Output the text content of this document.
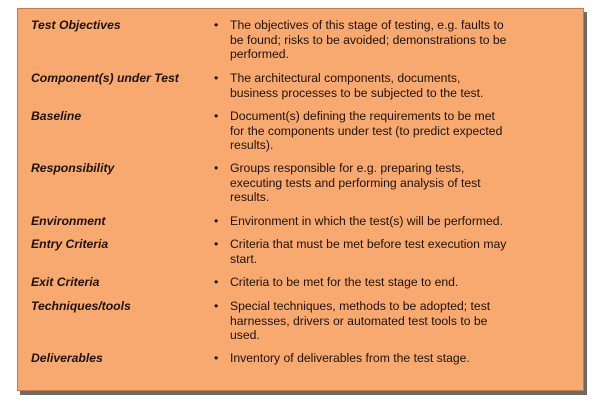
Test Objectives	• The objectives of this stage of testing, e.g. faults to
be found; risks to be avoided; demonstrations to be
performed.
Component(s) under Test	• The architectural components, documents,
business processes to be subjected to the test.
Baseline	• Document(s) defining the requirements to be met
for the components under test (to predict expected
results).
Responsibility	• Groups responsible for e.g. preparing tests,
executing tests and performing analysis of test
results.
Environment	• Environment in which the test(s) will be performed.
Entry Criteria	• Criteria that must be met before test execution may
start.
Exit Criteria	• Criteria to be met for the test stage to end.
Techniques/tools	• Special techniques, methods to be adopted; test
harnesses, drivers or automated test tools to be
used.
Deliverables	• Inventory of deliverables from the test stage.
